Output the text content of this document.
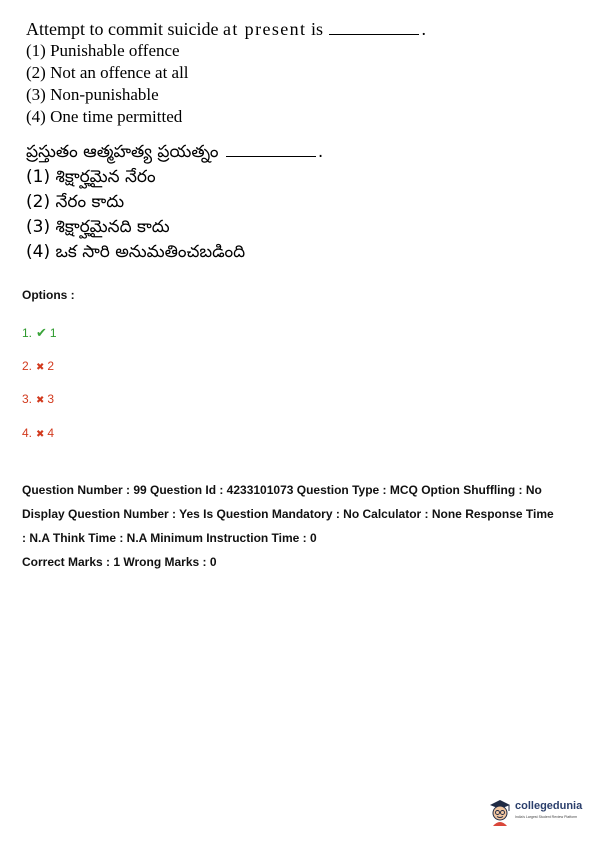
Attempt to commit suicide at present is	.
(1) Punishable offence
(2) Not an offence at all
(3) Non-punishable
(4) One time permitted
ప్రస్తుతం ఆత్మహత్య ప్రయత్నం	.
(1) శిక్షార్హమైన నేరం
(2) నేరం కాదు
(3) శిక్షార్హమైనది కాదు
(4) ఒక సారి అనుమతించబడింది
Options :
1. ✔ 1
2. ✖ 2
3. ✖ 3
4. ✖ 4

Question Number : 99 Question Id : 4233101073 Question Type : MCQ Option Shuffling : No

Display Question Number : Yes Is Question Mandatory : No Calculator : None Response Time

: N.A Think Time : N.A Minimum Instruction Time : 0

Correct Marks : 1 Wrong Marks : 0

collegedunia
India's Largest Student Review Platform
